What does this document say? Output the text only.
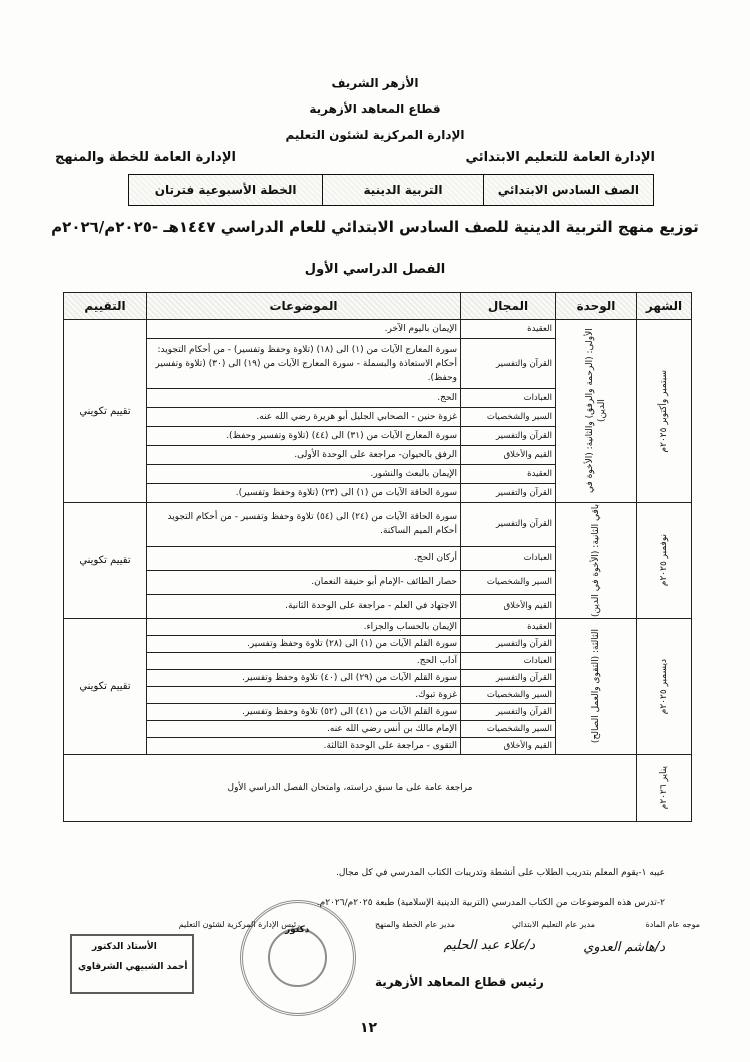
الأزهر الشريف
قطاع المعاهد الأزهرية
الإدارة المركزية لشئون التعليم
الإدارة العامة للتعليم الابتدائي
الإدارة العامة للخطة والمنهج
الصف السادس الابتدائي
التربية الدينية
الخطة الأسبوعية فترتان
توزيع منهج التربية الدينية للصف السادس الابتدائي للعام الدراسي ١٤٤٧هـ -٢٠٢٥م/٢٠٢٦م
الفصل الدراسي الأول
الشهر	الوحدة	المجال	الموضوعات	التقييم

سبتمبر وأكتوبر ٢٠٢٥م	الأولى: (الرحمة والرفق) والثانية: (الأخوة في الدين)	العقيدة	الإيمان باليوم الآخر.	تقييم تكويني
		القرآن والتفسير	سورة المعارج الآيات من (١) الى (١٨) (تلاوة وحفظ وتفسير) - من أحكام التجويد: أحكام الاستعاذة والبسملة - سورة المعارج الآيات من (١٩) الى (٣٠) (تلاوة وتفسير وحفظ).	
		العبادات	الحج.	
		السير والشخصيات	غزوة حنين - الصحابي الجليل أبو هريرة رضي الله عنه.	
		القرآن والتفسير	سورة المعارج الآيات من (٣١) الى (٤٤) (تلاوة وتفسير وحفظ).	
		القيم والأخلاق	الرفق بالحيوان- مراجعة على الوحدة الأولى.	
		العقيدة	الإيمان بالبعث والنشور.	
		القرآن والتفسير	سورة الحاقة الآيات من (١) الى (٢٣) (تلاوة وحفظ وتفسير).	

نوفمبر ٢٠٢٥م	باقي الثانية: (الأخوة في الدين)	القرآن والتفسير	سورة الحاقة الآيات من (٢٤) الى (٥٤) تلاوة وحفظ وتفسير - من أحكام التجويد أحكام الميم الساكنة.	تقييم تكويني
		العبادات	أركان الحج.	
		السير والشخصيات	حصار الطائف -الإمام أبو حنيفة النعمان.	
		القيم والأخلاق	الاجتهاد في العلم - مراجعة على الوحدة الثانية.	

ديسمبر ٢٠٢٥م	الثالثة: (التقوى والعمل الصالح)	العقيدة	الإيمان بالحساب والجزاء.	تقييم تكويني
		القرآن والتفسير	سورة القلم الآيات من (١) الى (٢٨) تلاوة وحفظ وتفسير.	
		العبادات	آداب الحج.	
		القرآن والتفسير	سورة القلم الآيات من (٢٩) الى (٤٠) تلاوة وحفظ وتفسير.	
		السير والشخصيات	غزوة تبوك.	
		القرآن والتفسير	سورة القلم الآيات من (٤١) الى (٥٢) تلاوة وحفظ وتفسير.	
		السير والشخصيات	الإمام مالك بن أنس رضي الله عنه.	
		القيم والأخلاق	التقوى - مراجعة على الوحدة الثالثة.	

يناير ٢٠٢٦م	مراجعة عامة على ما سبق دراسته، وامتحان الفصل الدراسي الأول			
عيبه ١-يقوم المعلم بتدريب الطلاب على أنشطة وتدريبات الكتاب المدرسي في كل مجال.
٢-تدرس هذه الموضوعات من الكتاب المدرسي (التربية الدينية الإسلامية) طبعة ٢٠٢٥م/٢٠٢٦م.
موجه عام المادة
مدير عام التعليم الابتدائي
مدير عام الخطة والمنهج
رئيس الإدارة المركزية لشئون التعليم
د/هاشم العدوي
د/علاء عبد الحليم
دكتور
الأستاذ الدكتور
أحمد الشبيهي الشرقاوي
رئيس قطاع المعاهد الأزهرية
١٢
